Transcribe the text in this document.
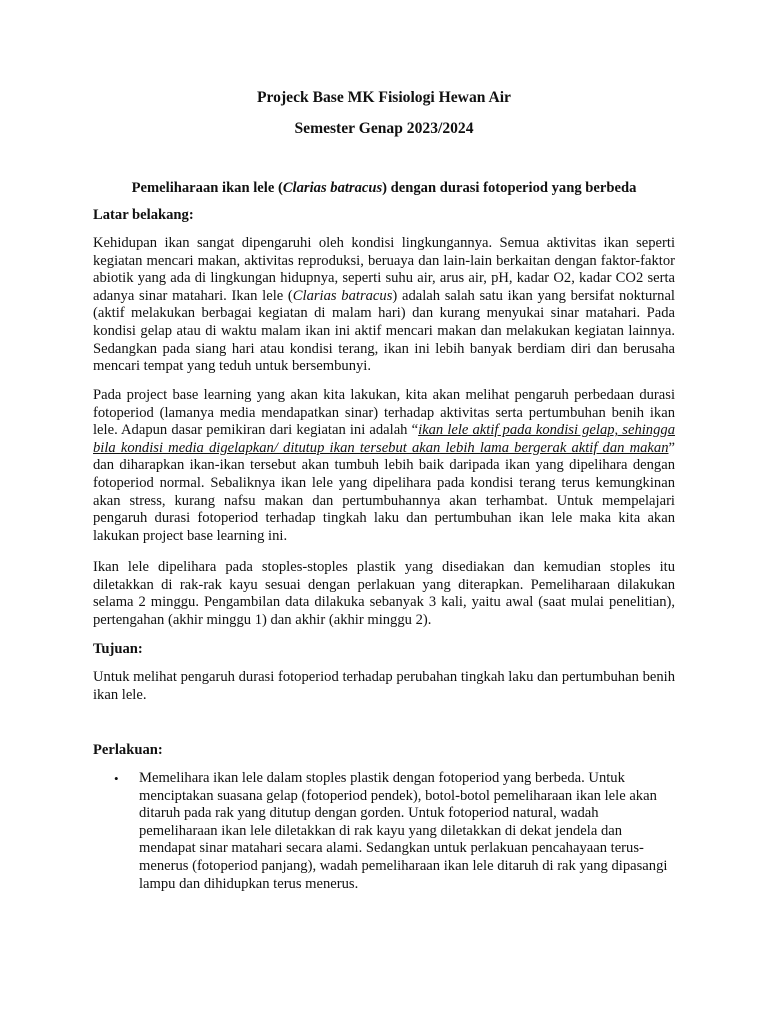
Projeck Base MK Fisiologi Hewan Air
Semester Genap 2023/2024
Pemeliharaan ikan lele (Clarias batracus) dengan durasi fotoperiod yang berbeda
Latar belakang:

Kehidupan ikan sangat dipengaruhi oleh kondisi lingkungannya. Semua aktivitas ikan seperti kegiatan mencari makan, aktivitas reproduksi, beruaya dan lain-lain berkaitan dengan faktor-faktor abiotik yang ada di lingkungan hidupnya, seperti suhu air, arus air, pH, kadar O2, kadar CO2 serta adanya sinar matahari. Ikan lele (Clarias batracus) adalah salah satu ikan yang bersifat nokturnal (aktif melakukan berbagai kegiatan di malam hari) dan kurang menyukai sinar matahari. Pada kondisi gelap atau di waktu malam ikan ini aktif mencari makan dan melakukan kegiatan lainnya. Sedangkan pada siang hari atau kondisi terang, ikan ini lebih banyak berdiam diri dan berusaha mencari tempat yang teduh untuk bersembunyi.

Pada project base learning yang akan kita lakukan, kita akan melihat pengaruh perbedaan durasi fotoperiod (lamanya media mendapatkan sinar) terhadap aktivitas serta pertumbuhan benih ikan lele. Adapun dasar pemikiran dari kegiatan ini adalah “ikan lele aktif pada kondisi gelap, sehingga bila kondisi media digelapkan/ ditutup ikan tersebut akan lebih lama bergerak aktif dan makan” dan diharapkan ikan-ikan tersebut akan tumbuh lebih baik daripada ikan yang dipelihara dengan fotoperiod normal. Sebaliknya ikan lele yang dipelihara pada kondisi terang terus kemungkinan akan stress, kurang nafsu makan dan pertumbuhannya akan terhambat. Untuk mempelajari pengaruh durasi fotoperiod terhadap tingkah laku dan pertumbuhan ikan lele maka kita akan lakukan project base learning ini.

Ikan lele dipelihara pada stoples-stoples plastik yang disediakan dan kemudian stoples itu diletakkan di rak-rak kayu sesuai dengan perlakuan yang diterapkan. Pemeliharaan dilakukan selama 2 minggu. Pengambilan data dilakuka sebanyak 3 kali, yaitu awal (saat mulai penelitian), pertengahan (akhir minggu 1) dan akhir (akhir minggu 2).

Tujuan:

Untuk melihat pengaruh durasi fotoperiod terhadap perubahan tingkah laku dan pertumbuhan benih ikan lele.

Perlakuan:
• Memelihara ikan lele dalam stoples plastik dengan fotoperiod yang berbeda. Untuk menciptakan suasana gelap (fotoperiod pendek), botol-botol pemeliharaan ikan lele akan ditaruh pada rak yang ditutup dengan gorden. Untuk fotoperiod natural, wadah pemeliharaan ikan lele diletakkan di rak kayu yang diletakkan di dekat jendela dan mendapat sinar matahari secara alami. Sedangkan untuk perlakuan pencahayaan terus-menerus (fotoperiod panjang), wadah pemeliharaan ikan lele ditaruh di rak yang dipasangi lampu dan dihidupkan terus menerus.
